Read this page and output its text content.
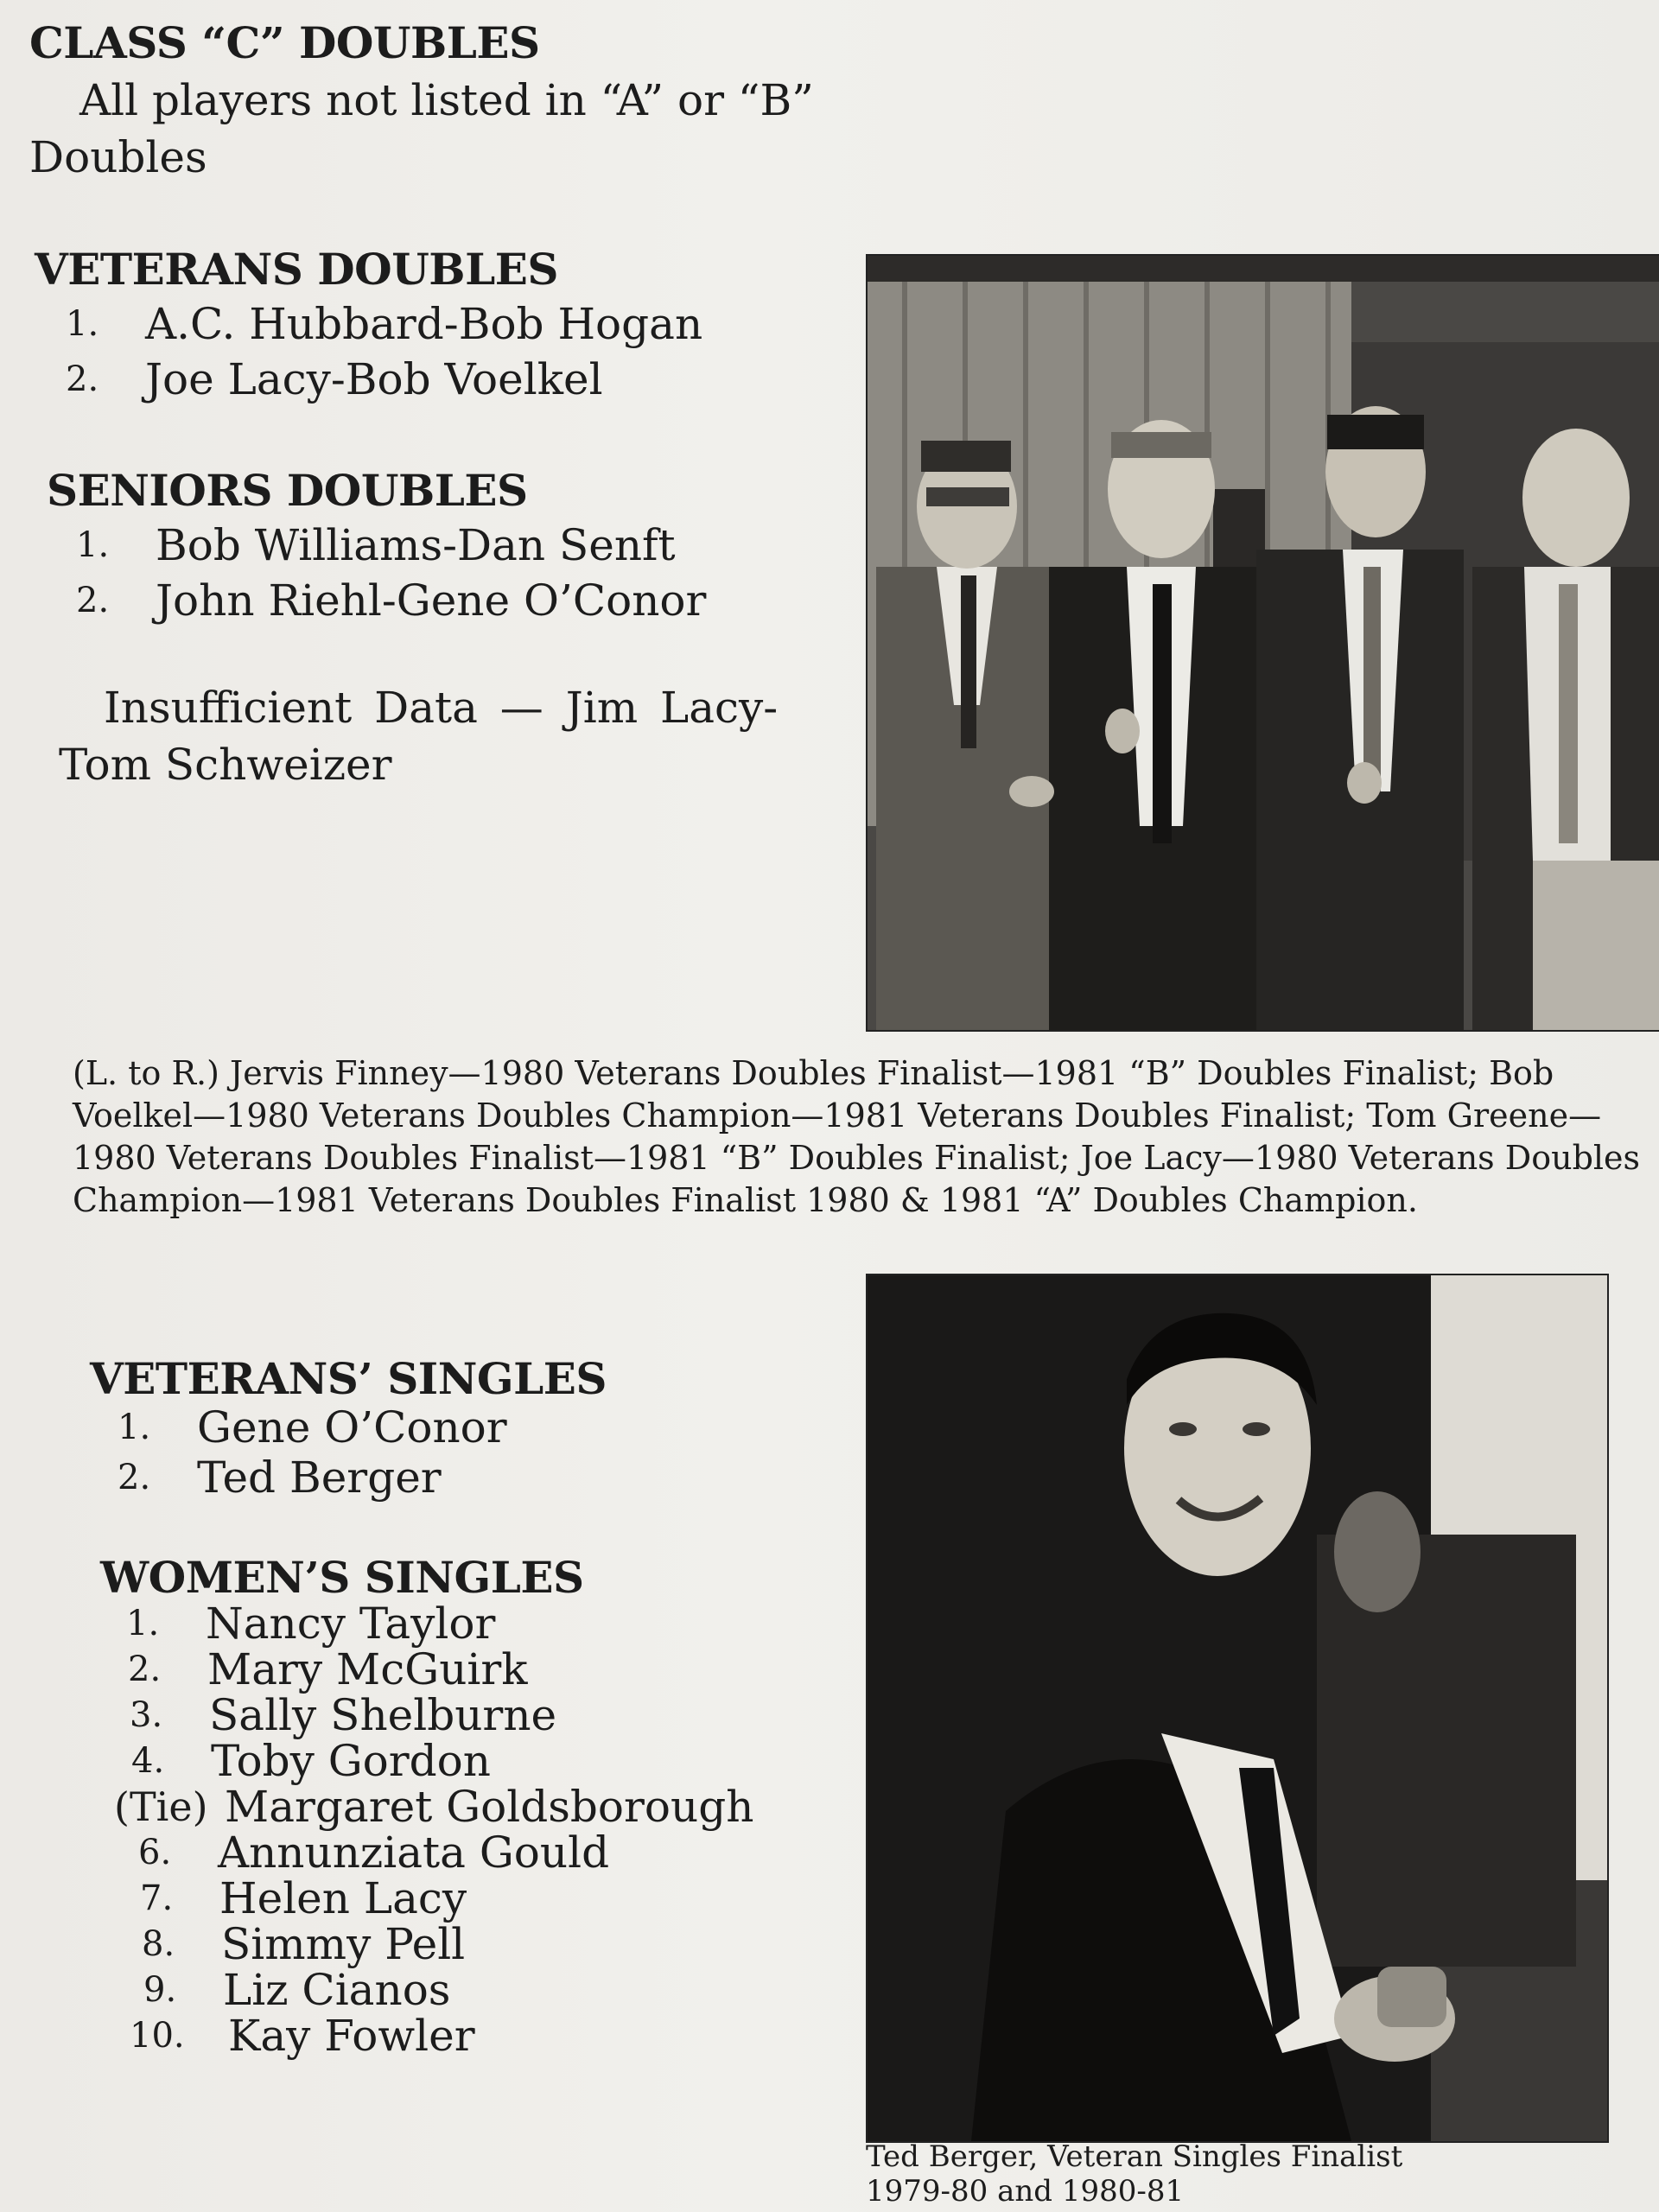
CLASS “C” DOUBLES
All players not listed in “A” or “B”
Doubles
VETERANS DOUBLES
1.	A.C. Hubbard-Bob Hogan
2.	Joe Lacy-Bob Voelkel
SENIORS DOUBLES
1.	Bob Williams-Dan Senft
2.	John Riehl-Gene O’Conor
Insufficient Data — Jim Lacy-
Tom Schweizer
(L. to R.) Jervis Finney—1980 Veterans Doubles Finalist—1981 “B” Doubles Finalist; Bob
Voelkel—1980 Veterans Doubles Champion—1981 Veterans Doubles Finalist; Tom Greene—
1980 Veterans Doubles Finalist—1981 “B” Doubles Finalist; Joe Lacy—1980 Veterans Doubles
Champion—1981 Veterans Doubles Finalist 1980 & 1981 “A” Doubles Champion.
VETERANS’ SINGLES
1.	Gene O’Conor
2.	Ted Berger
WOMEN’S SINGLES
1.	Nancy Taylor
2.	Mary McGuirk
3.	Sally Shelburne
4.	Toby Gordon
(Tie) Margaret Goldsborough
6.	Annunziata Gould
7.	Helen Lacy
8.	Simmy Pell
9.	Liz Cianos
10.	Kay Fowler
Ted Berger, Veteran Singles Finalist
1979-80 and 1980-81
